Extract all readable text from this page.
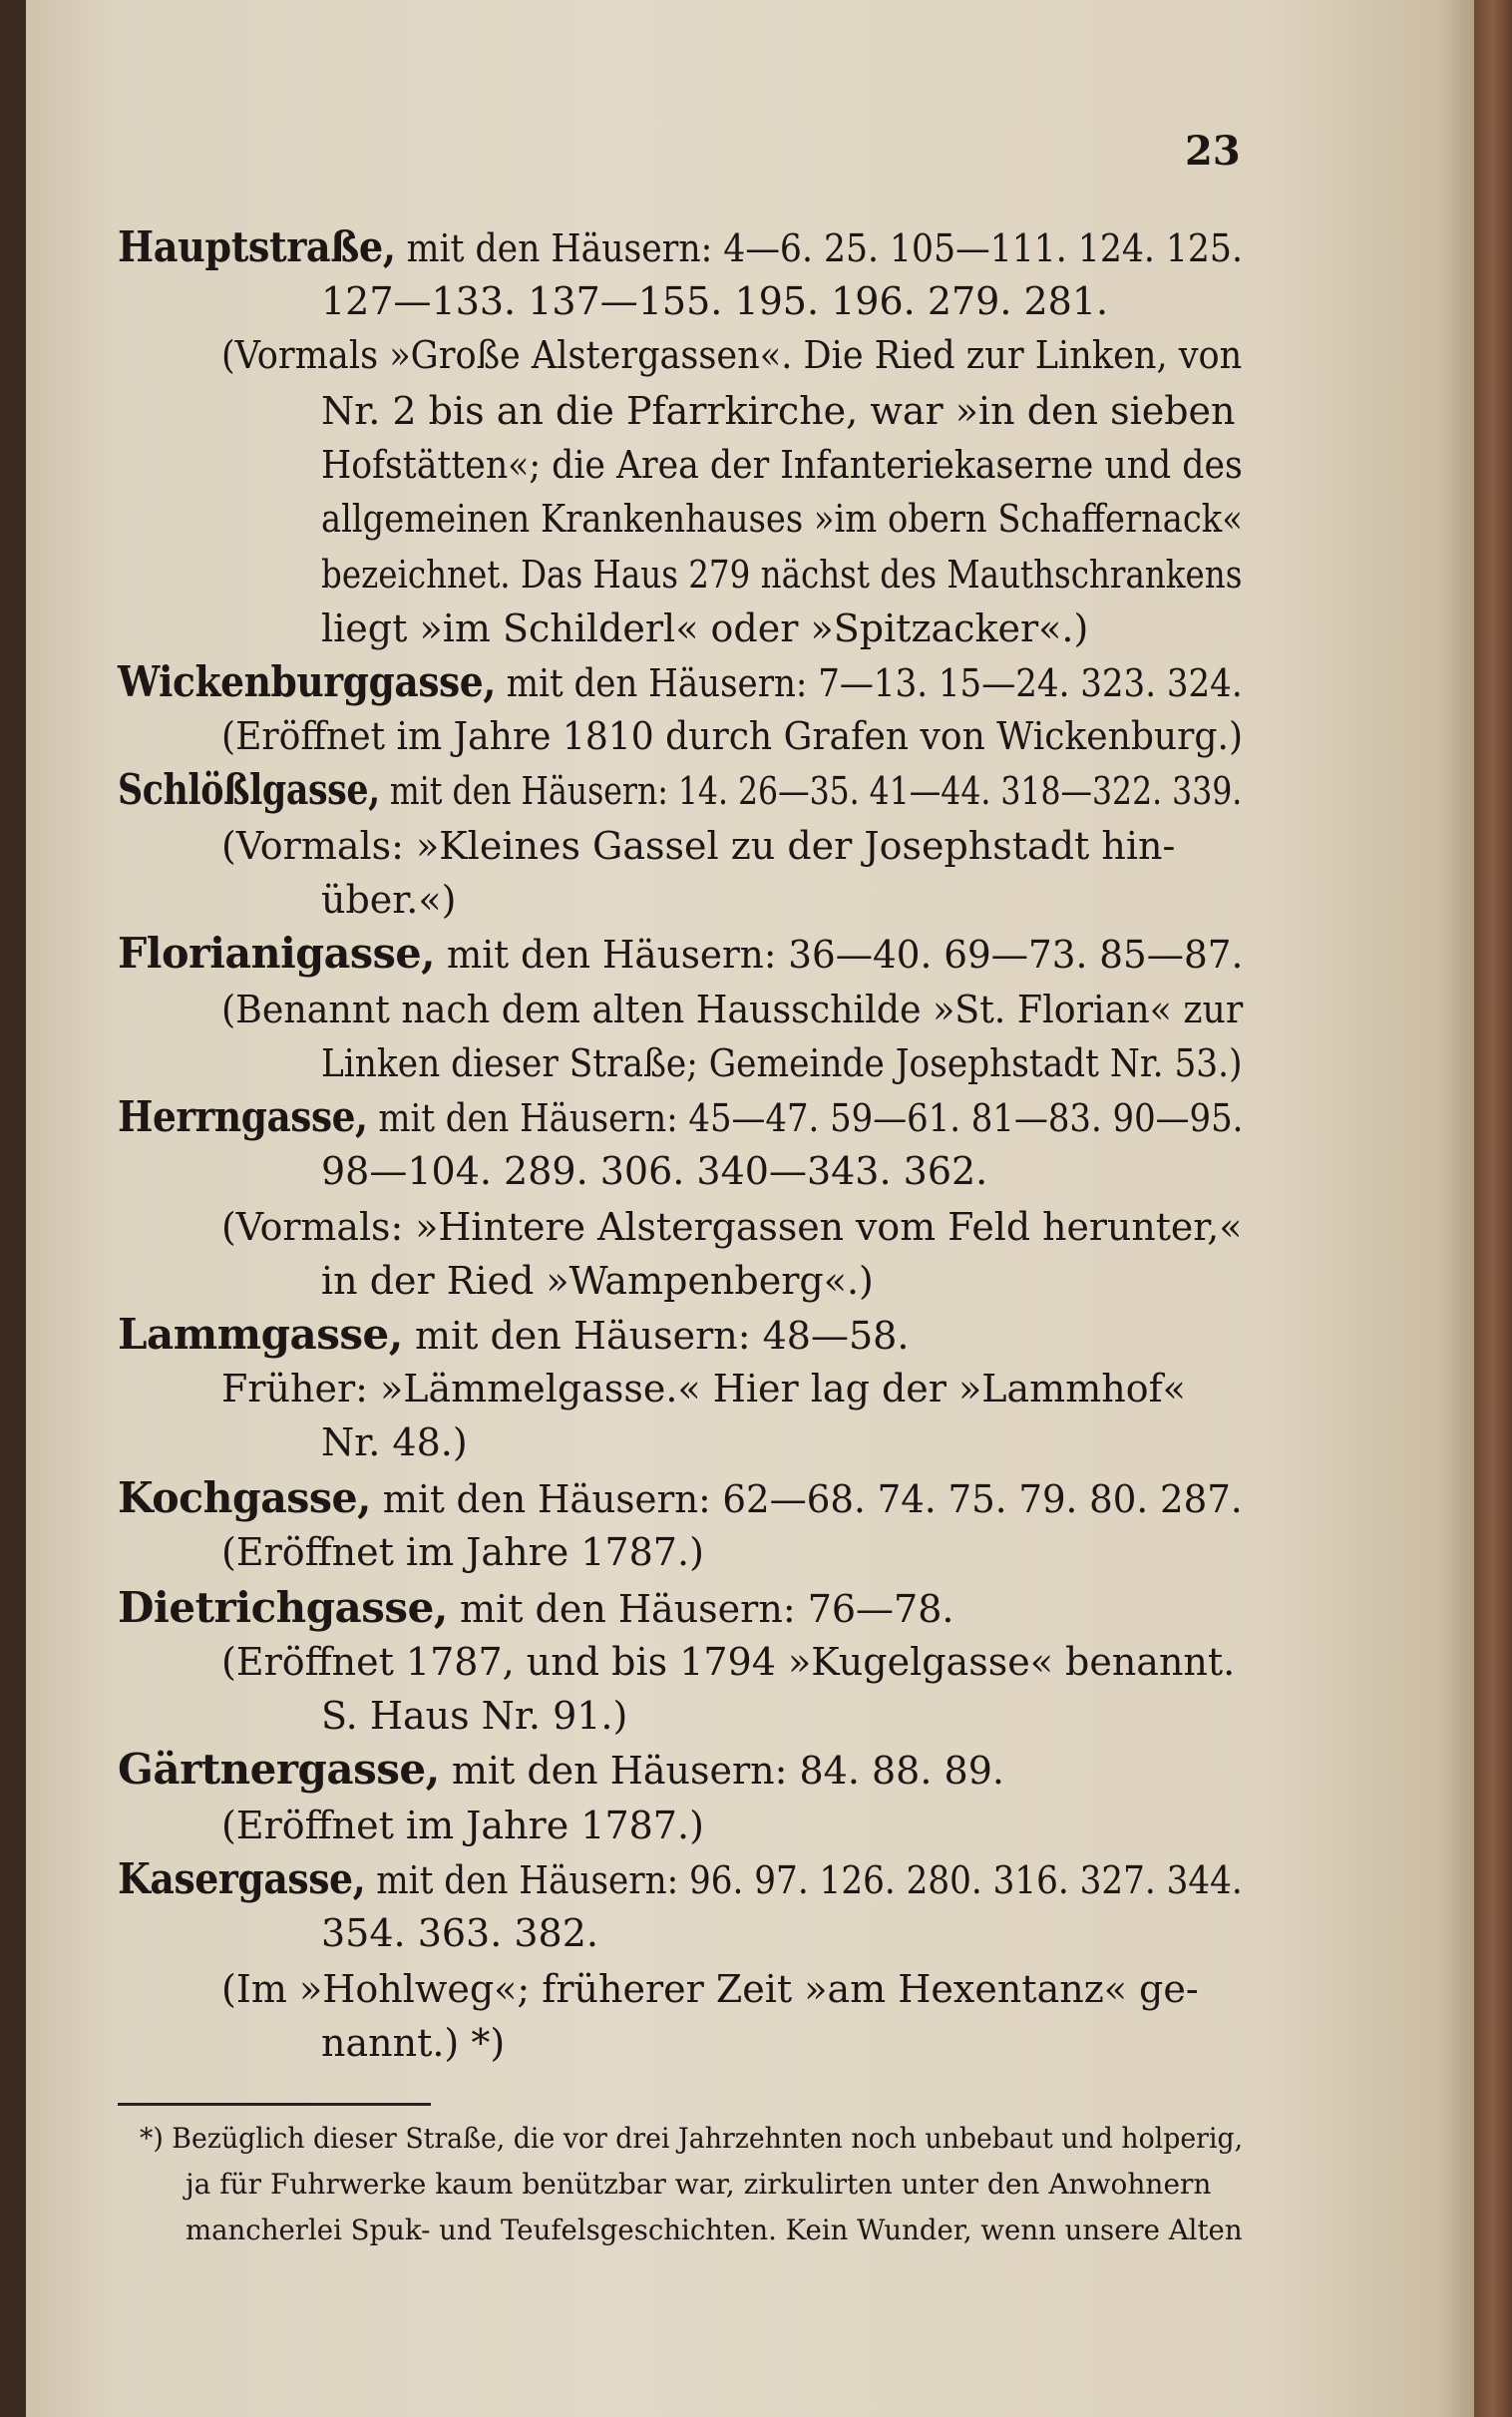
23
Hauptstraße, mit den Häusern: 4—6. 25. 105—111. 124. 125.
127—133. 137—155. 195. 196. 279. 281.
(Vormals »Große Alstergassen«. Die Ried zur Linken, von
Nr. 2 bis an die Pfarrkirche, war »in den sieben
Hofstätten«; die Area der Infanteriekaserne und des
allgemeinen Krankenhauses »im obern Schaffernack«
bezeichnet. Das Haus 279 nächst des Mauthschrankens
liegt »im Schilderl« oder »Spitzacker«.)
Wickenburggasse, mit den Häusern: 7—13. 15—24. 323. 324.
(Eröffnet im Jahre 1810 durch Grafen von Wickenburg.)
Schlößlgasse, mit den Häusern: 14. 26—35. 41—44. 318—322. 339.
(Vormals: »Kleines Gassel zu der Josephstadt hin-
über.«)
Florianigasse, mit den Häusern: 36—40. 69—73. 85—87.
(Benannt nach dem alten Hausschilde »St. Florian« zur
Linken dieser Straße; Gemeinde Josephstadt Nr. 53.)
Herrngasse, mit den Häusern: 45—47. 59—61. 81—83. 90—95.
98—104. 289. 306. 340—343. 362.
(Vormals: »Hintere Alstergassen vom Feld herunter,«
in der Ried »Wampenberg«.)
Lammgasse, mit den Häusern: 48—58.
Früher: »Lämmelgasse.« Hier lag der »Lammhof«
Nr. 48.)
Kochgasse, mit den Häusern: 62—68. 74. 75. 79. 80. 287.
(Eröffnet im Jahre 1787.)
Dietrichgasse, mit den Häusern: 76—78.
(Eröffnet 1787, und bis 1794 »Kugelgasse« benannt.
S. Haus Nr. 91.)
Gärtnergasse, mit den Häusern: 84. 88. 89.
(Eröffnet im Jahre 1787.)
Kasergasse, mit den Häusern: 96. 97. 126. 280. 316. 327. 344.
354. 363. 382.
(Im »Hohlweg«; früherer Zeit »am Hexentanz« ge-
nannt.) *)
*) Bezüglich dieser Straße, die vor drei Jahrzehnten noch unbebaut und holperig,
ja für Fuhrwerke kaum benützbar war, zirkulirten unter den Anwohnern
mancherlei Spuk- und Teufelsgeschichten. Kein Wunder, wenn unsere Alten
